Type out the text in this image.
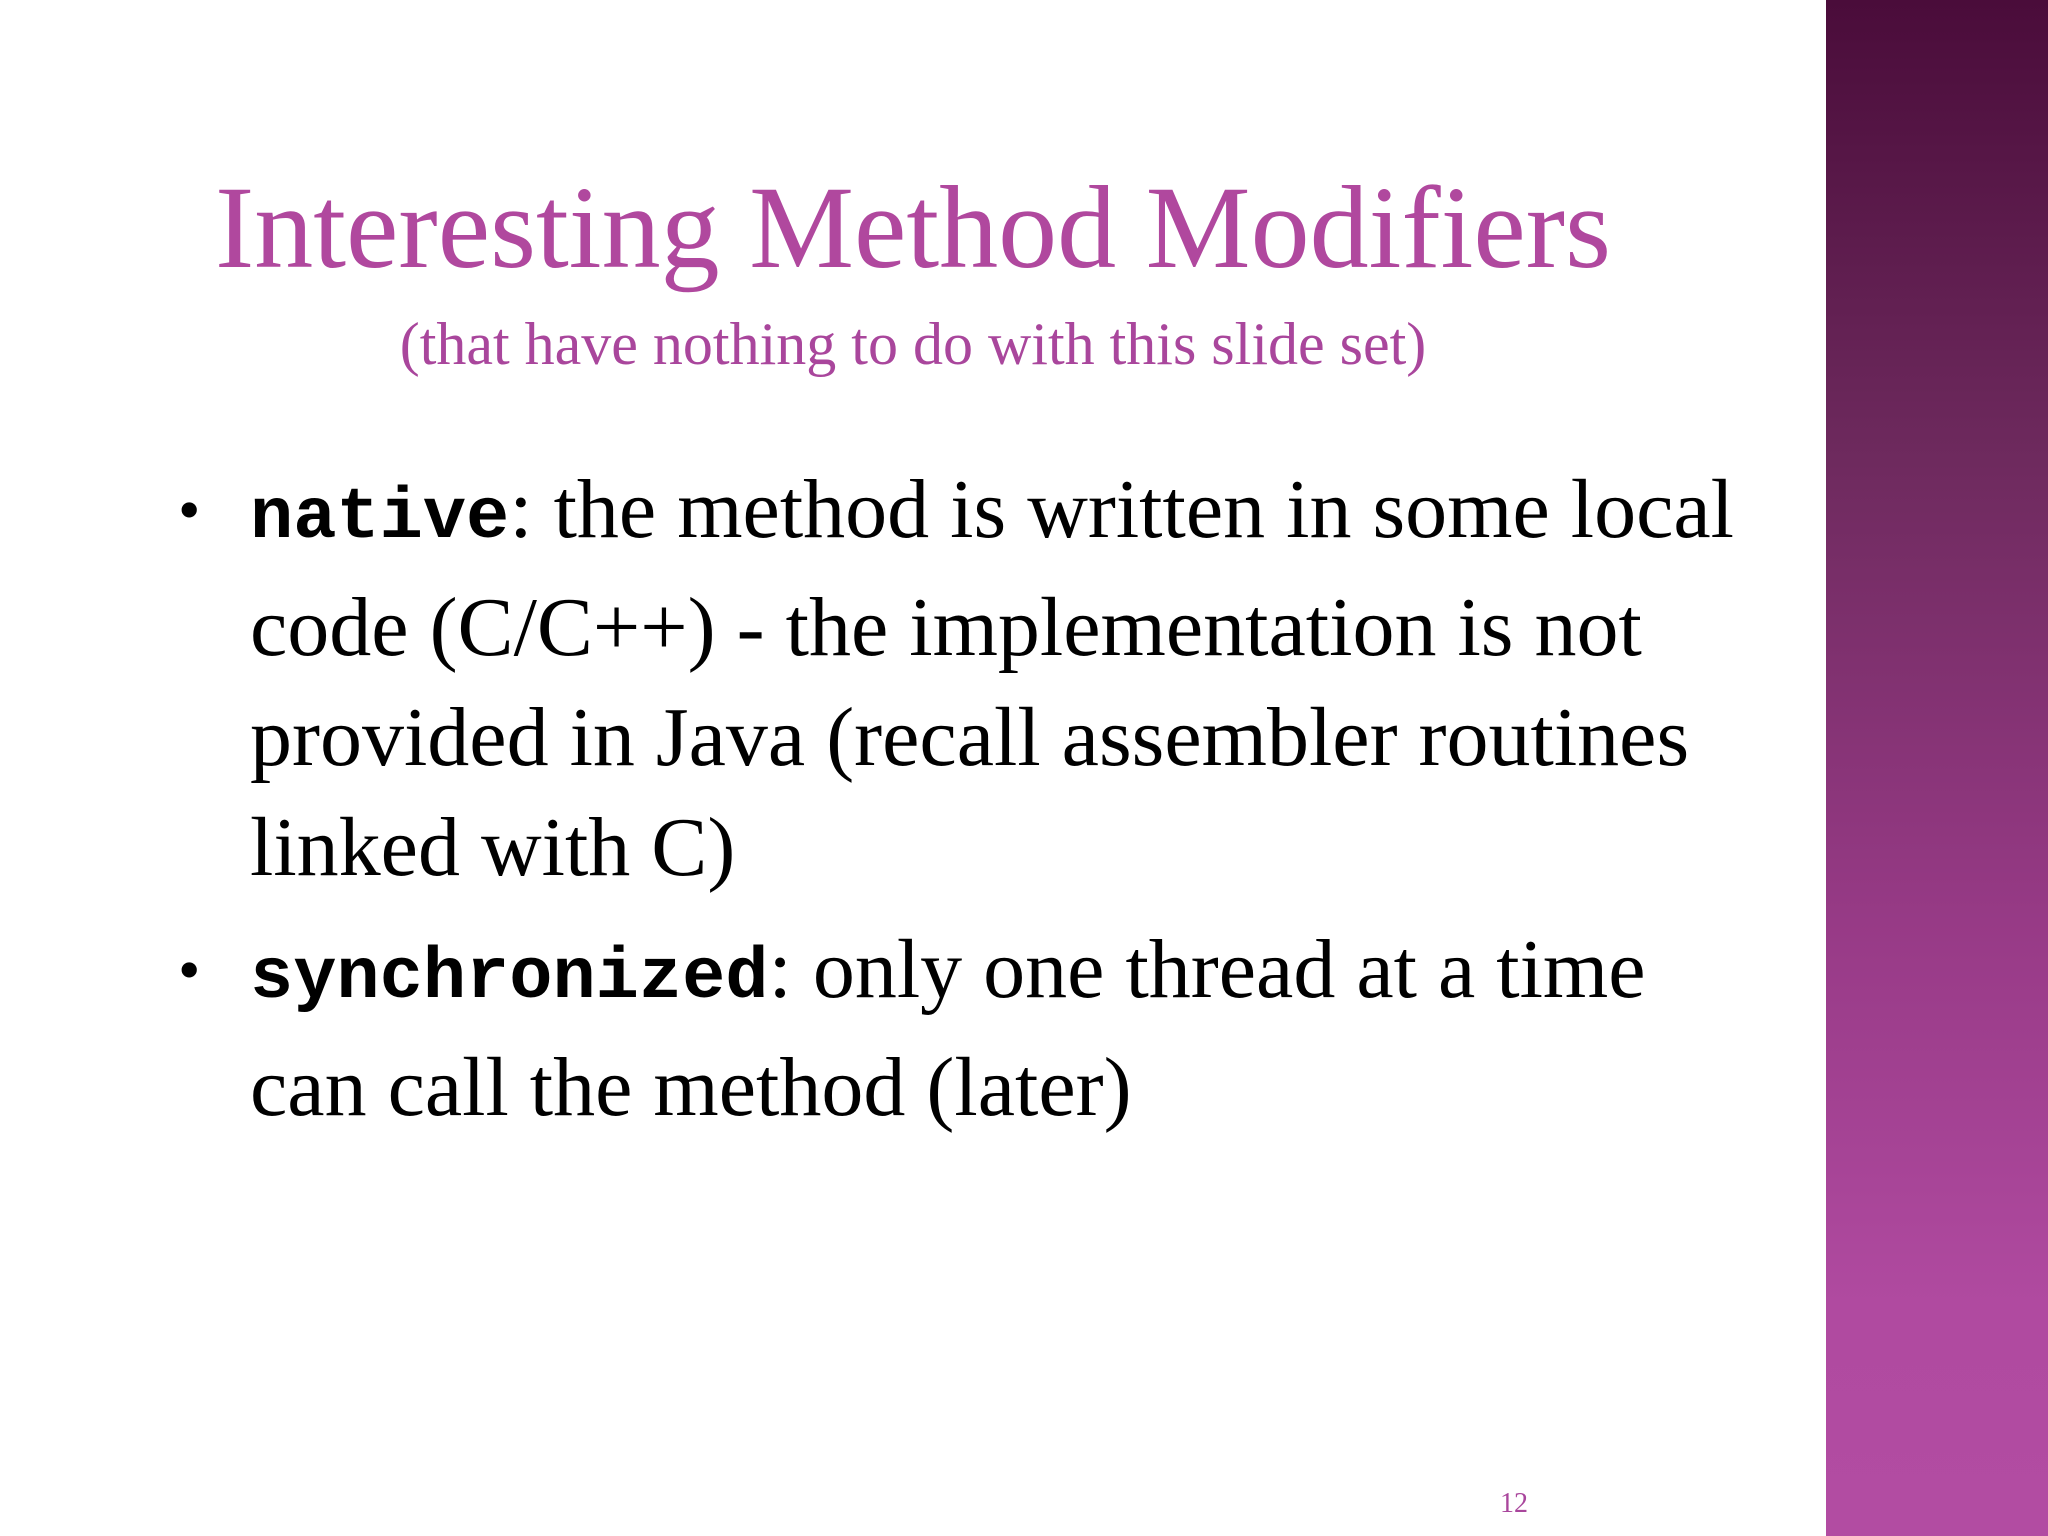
Interesting Method Modifiers
(that have nothing to do with this slide set)
• native: the method is written in some local
code (C/C++) - the implementation is not
provided in Java (recall assembler routines
linked with C)
• synchronized: only one thread at a time
can call the method (later)
12
